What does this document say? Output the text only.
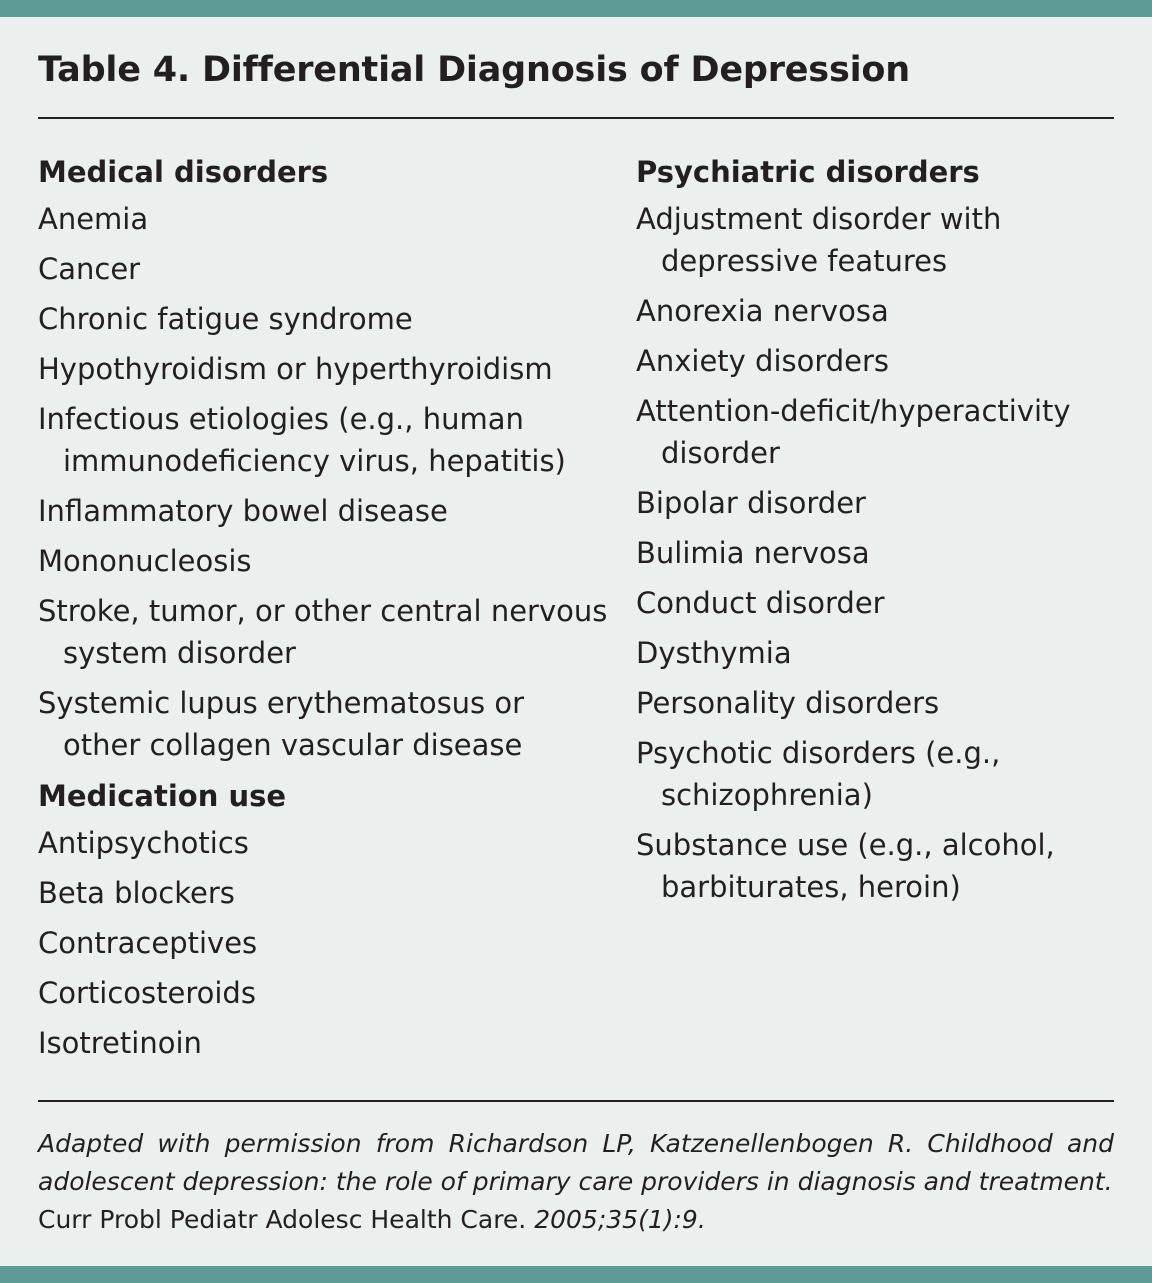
Table 4. Differential Diagnosis of Depression
Medical disorders
Anemia
Cancer
Chronic fatigue syndrome
Hypothyroidism or hyperthyroidism
Infectious etiologies (e.g., human immunodeficiency virus, hepatitis)
Inflammatory bowel disease
Mononucleosis
Stroke, tumor, or other central nervous system disorder
Systemic lupus erythematosus or other collagen vascular disease
Medication use
Antipsychotics
Beta blockers
Contraceptives
Corticosteroids
Isotretinoin
Psychiatric disorders
Adjustment disorder with depressive features
Anorexia nervosa
Anxiety disorders
Attention-deficit/hyperactivity disorder
Bipolar disorder
Bulimia nervosa
Conduct disorder
Dysthymia
Personality disorders
Psychotic disorders (e.g., schizophrenia)
Substance use (e.g., alcohol, barbiturates, heroin)
Adapted with permission from Richardson LP, Katzenellenbogen R. Childhood and adolescent depression: the role of primary care providers in diagnosis and treatment.
Curr Probl Pediatr Adolesc Health Care. 2005;35(1):9.
